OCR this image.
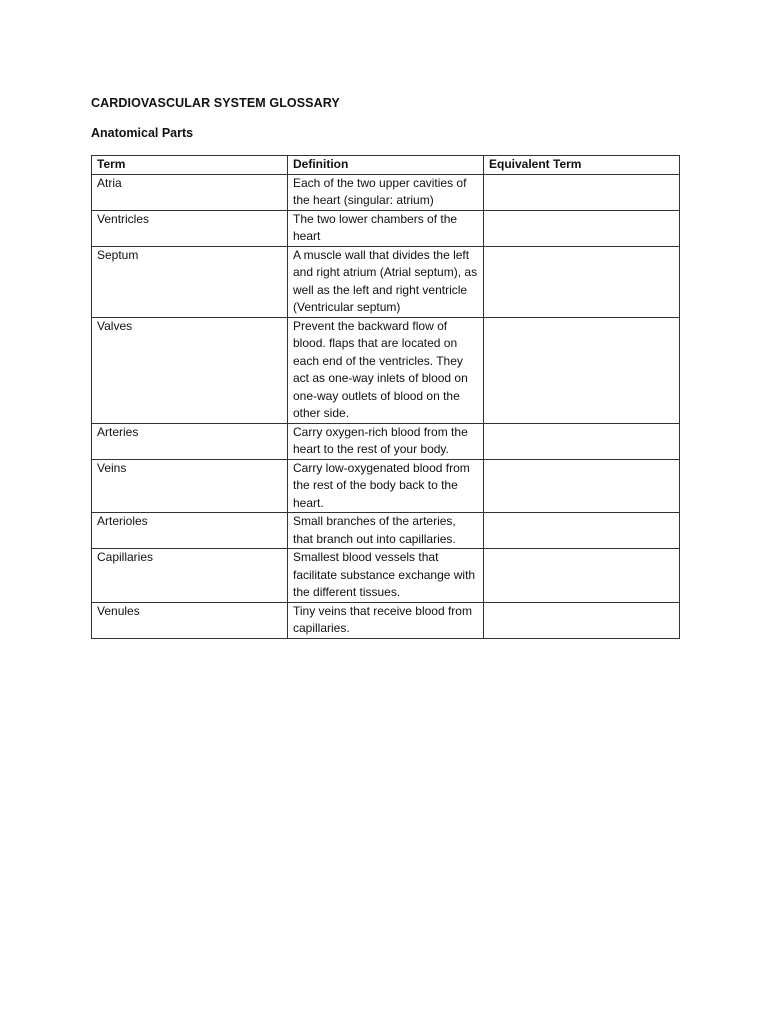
CARDIOVASCULAR SYSTEM GLOSSARY
Anatomical Parts
Term	Definition	Equivalent Term
Atria	Each of the two upper cavities of the heart (singular: atrium)	
Ventricles	The two lower chambers of the heart	
Septum	A muscle wall that divides the left and right atrium (Atrial septum), as well as the left and right ventricle (Ventricular septum)	
Valves	Prevent the backward flow of blood. flaps that are located on each end of the ventricles. They act as one-way inlets of blood on one-way outlets of blood on the other side.	
Arteries	Carry oxygen-rich blood from the heart to the rest of your body.	
Veins	Carry low-oxygenated blood from the rest of the body back to the heart.	
Arterioles	Small branches of the arteries, that branch out into capillaries.	
Capillaries	Smallest blood vessels that facilitate substance exchange with the different tissues.	
Venules	Tiny veins that receive blood from capillaries.	
